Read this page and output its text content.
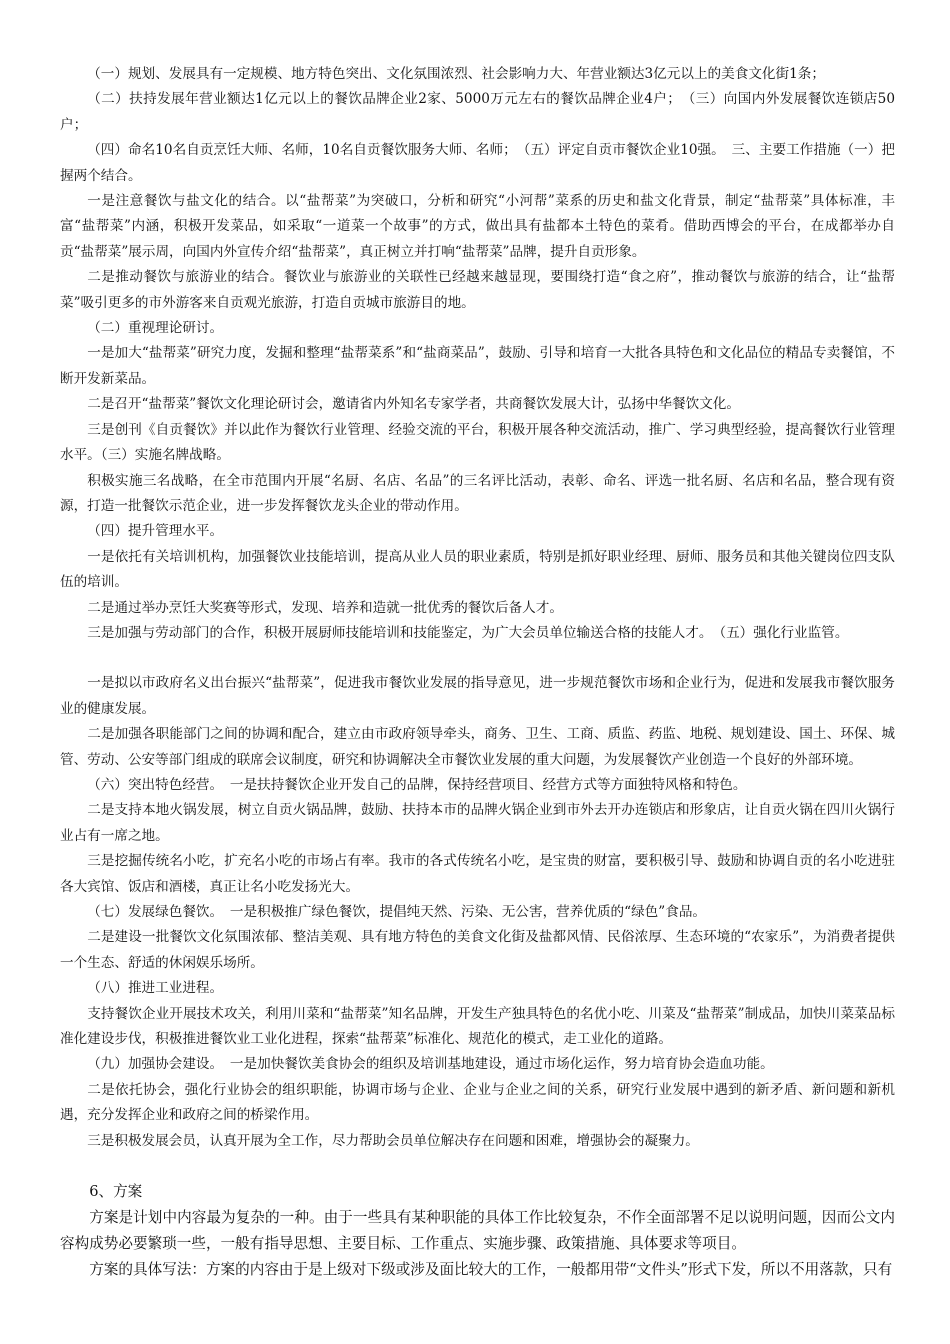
（一）规划、发展具有一定规模、地方特色突出、文化氛围浓烈、社会影响力大、年营业额达3亿元以上的美食文化街1条；

（二）扶持发展年营业额达1亿元以上的餐饮品牌企业2家、5000万元左右的餐饮品牌企业4户；　（三）向国内外发展餐饮连锁店50户；

（四）命名10名自贡烹饪大师、名师，10名自贡餐饮服务大师、名师；　（五）评定自贡市餐饮企业10强。　三、主要工作措施（一）把握两个结合。

一是注意餐饮与盐文化的结合。以“盐帮菜”为突破口，分析和研究“小河帮”菜系的历史和盐文化背景，制定“盐帮菜”具体标准，丰富“盐帮菜”内涵，积极开发菜品，如采取“一道菜一个故事”的方式，做出具有盐都本土特色的菜肴。借助西博会的平台，在成都举办自贡“盐帮菜”展示周，向国内外宣传介绍“盐帮菜”，真正树立并打响“盐帮菜”品牌，提升自贡形象。

二是推动餐饮与旅游业的结合。餐饮业与旅游业的关联性已经越来越显现，要围绕打造“食之府”，推动餐饮与旅游的结合，让“盐帮菜”吸引更多的市外游客来自贡观光旅游，打造自贡城市旅游目的地。

（二）重视理论研讨。

一是加大“盐帮菜”研究力度，发掘和整理“盐帮菜系”和“盐商菜品”，鼓励、引导和培育一大批各具特色和文化品位的精品专卖餐馆，不断开发新菜品。

二是召开“盐帮菜”餐饮文化理论研讨会，邀请省内外知名专家学者，共商餐饮发展大计，弘扬中华餐饮文化。

三是创刊《自贡餐饮》并以此作为餐饮行业管理、经验交流的平台，积极开展各种交流活动，推广、学习典型经验，提高餐饮行业管理水平。（三）实施名牌战略。

积极实施三名战略，在全市范围内开展“名厨、名店、名品”的三名评比活动，表彰、命名、评选一批名厨、名店和名品，整合现有资源，打造一批餐饮示范企业，进一步发挥餐饮龙头企业的带动作用。

（四）提升管理水平。

一是依托有关培训机构，加强餐饮业技能培训，提高从业人员的职业素质，特别是抓好职业经理、厨师、服务员和其他关键岗位四支队伍的培训。

二是通过举办烹饪大奖赛等形式，发现、培养和造就一批优秀的餐饮后备人才。

三是加强与劳动部门的合作，积极开展厨师技能培训和技能鉴定，为广大会员单位输送合格的技能人才。　（五）强化行业监管。

一是拟以市政府名义出台振兴“盐帮菜”，促进我市餐饮业发展的指导意见，进一步规范餐饮市场和企业行为，促进和发展我市餐饮服务业的健康发展。

二是加强各职能部门之间的协调和配合，建立由市政府领导牵头，商务、卫生、工商、质监、药监、地税、规划建设、国土、环保、城管、劳动、公安等部门组成的联席会议制度，研究和协调解决全市餐饮业发展的重大问题，为发展餐饮产业创造一个良好的外部环境。

（六）突出特色经营。　一是扶持餐饮企业开发自己的品牌，保持经营项目、经营方式等方面独特风格和特色。

二是支持本地火锅发展，树立自贡火锅品牌，鼓励、扶持本市的品牌火锅企业到市外去开办连锁店和形象店，让自贡火锅在四川火锅行业占有一席之地。

三是挖掘传统名小吃，扩充名小吃的市场占有率。我市的各式传统名小吃，是宝贵的财富，要积极引导、鼓励和协调自贡的名小吃进驻各大宾馆、饭店和酒楼，真正让名小吃发扬光大。

（七）发展绿色餐饮。　一是积极推广绿色餐饮，提倡纯天然、污染、无公害，营养优质的“绿色”食品。

二是建设一批餐饮文化氛围浓郁、整洁美观、具有地方特色的美食文化街及盐都风情、民俗浓厚、生态环境的“农家乐”，为消费者提供一个生态、舒适的休闲娱乐场所。

（八）推进工业进程。

支持餐饮企业开展技术攻关，利用川菜和“盐帮菜”知名品牌，开发生产独具特色的名优小吃、川菜及“盐帮菜”制成品，加快川菜菜品标准化建设步伐，积极推进餐饮业工业化进程，探索“盐帮菜”标准化、规范化的模式，走工业化的道路。

（九）加强协会建设。　一是加快餐饮美食协会的组织及培训基地建设，通过市场化运作，努力培育协会造血功能。

二是依托协会，强化行业协会的组织职能，协调市场与企业、企业与企业之间的关系，研究行业发展中遇到的新矛盾、新问题和新机遇，充分发挥企业和政府之间的桥梁作用。

三是积极发展会员，认真开展为全工作，尽力帮助会员单位解决存在问题和困难，增强协会的凝聚力。

6、方案

方案是计划中内容最为复杂的一种。由于一些具有某种职能的具体工作比较复杂，不作全面部署不足以说明问题，因而公文内容构成势必要繁琐一些，一般有指导思想、主要目标、工作重点、实施步骤、政策措施、具体要求等项目。

方案的具体写法：方案的内容由于是上级对下级或涉及面比较大的工作，一般都用带“文件头”形式下发，所以不用落款，只有
